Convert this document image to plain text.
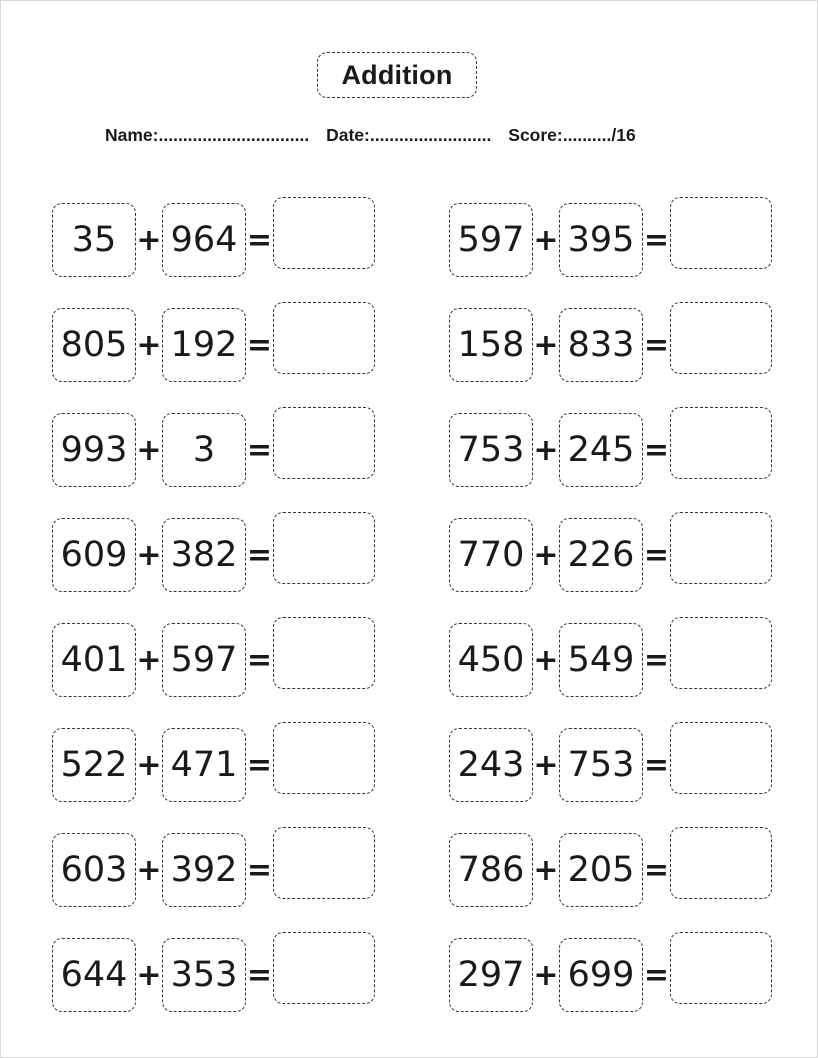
Addition
Name:............................... Date:......................... Score:........../16
35 + 964 =	597 + 395 =
805 + 192 =	158 + 833 =
993 + 3	=	753 + 245 =
609 + 382 =	770 + 226 =
401 + 597 =	450 + 549 =
522 + 471 =	243 + 753 =
603 + 392 =	786 + 205 =
644 + 353 =	297 + 699 =
